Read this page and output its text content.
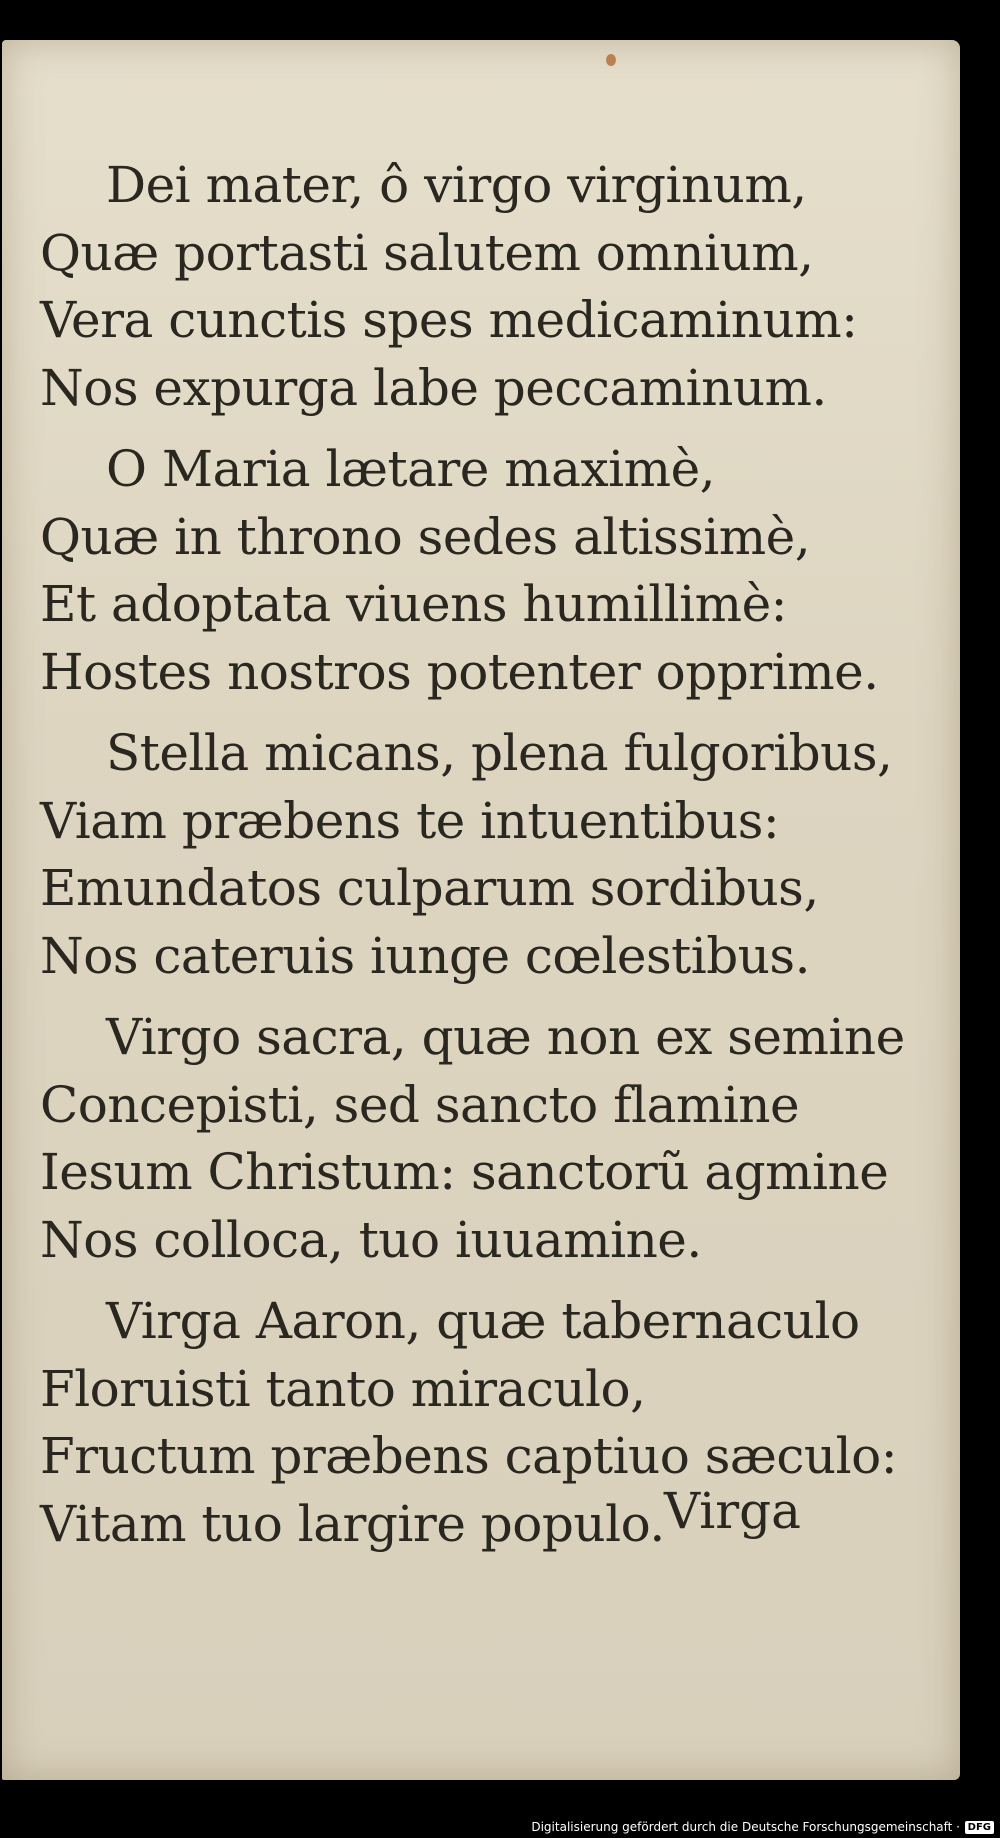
Dei mater, ô virgo virginum,
Quæ portasti salutem omnium,
Vera cunctis spes medicaminum:
Nos expurga labe peccaminum.
O Maria lætare maximè,
Quæ in throno sedes altissimè,
Et adoptata viuens humillimè:
Hostes nostros potenter opprime.
Stella micans, plena fulgoribus,
Viam præbens te intuentibus:
Emundatos culparum sordibus,
Nos cateruis iunge cœlestibus.
Virgo sacra, quæ non ex semine
Concepisti, sed sancto flamine
Iesum Christum: sanctorũ agmine
Nos colloca, tuo iuuamine.
Virga Aaron, quæ tabernaculo
Floruisti tanto miraculo,
Fructum præbens captiuo sæculo:
Vitam tuo largire populo. Virga
Digitalisierung gefördert durch die Deutsche Forschungsgemeinschaft · DFG
